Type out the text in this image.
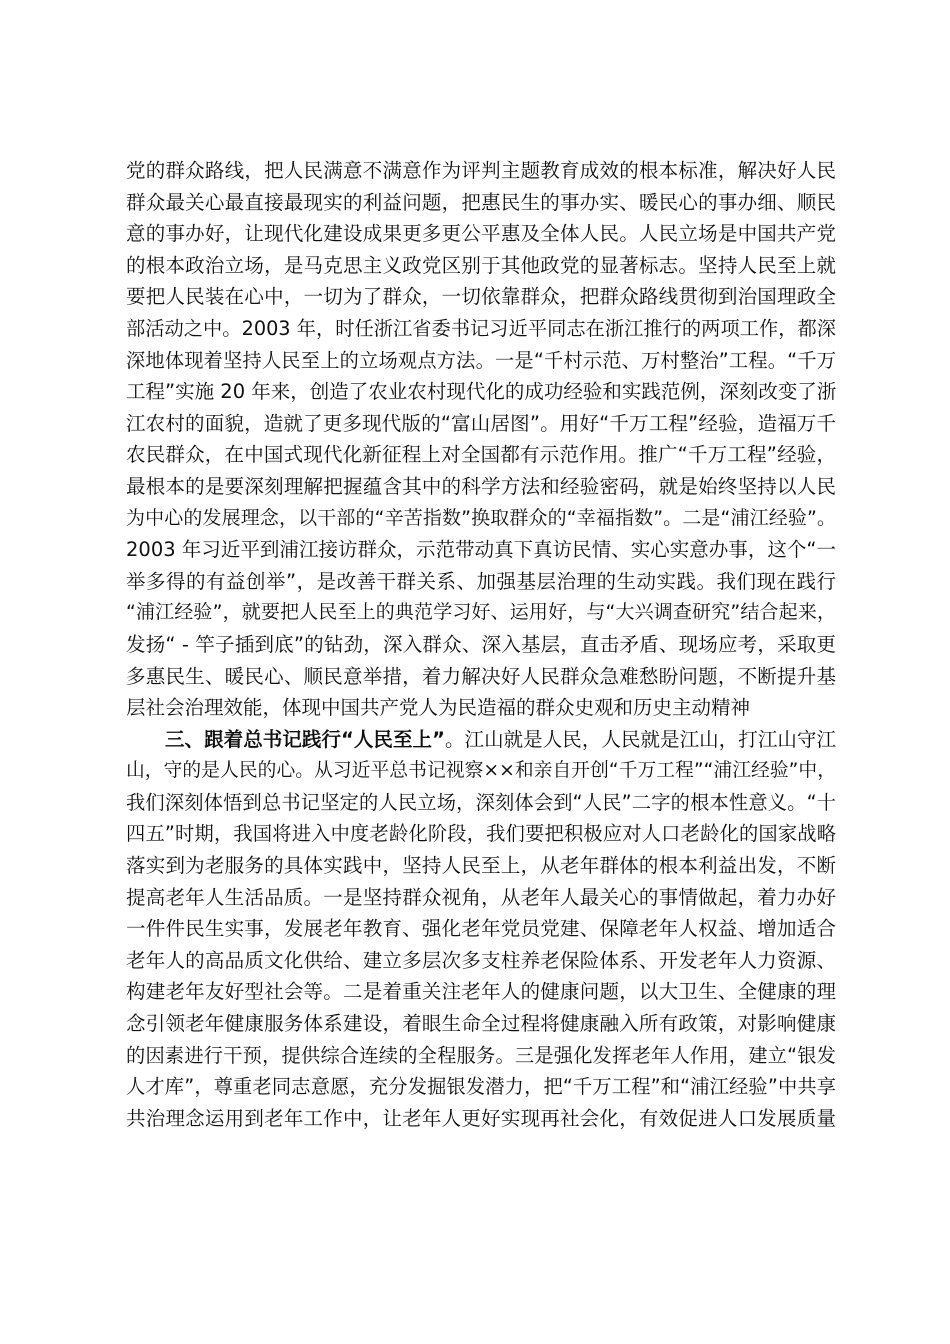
党的群众路线，把人民满意不满意作为评判主题教育成效的根本标准，解决好人民
群众最关心最直接最现实的利益问题，把惠民生的事办实、暖民心的事办细、顺民
意的事办好，让现代化建设成果更多更公平惠及全体人民。人民立场是中国共产党
的根本政治立场，是马克思主义政党区别于其他政党的显著标志。坚持人民至上就
要把人民装在心中，一切为了群众，一切依靠群众，把群众路线贯彻到治国理政全
部活动之中。2003 年，时任浙江省委书记习近平同志在浙江推行的两项工作，都深
深地体现着坚持人民至上的立场观点方法。一是“千村示范、万村整治”工程。“千万
工程”实施 20 年来，创造了农业农村现代化的成功经验和实践范例，深刻改变了浙
江农村的面貌，造就了更多现代版的“富山居图”。用好“千万工程”经验，造福万千
农民群众，在中国式现代化新征程上对全国都有示范作用。推广“千万工程”经验，
最根本的是要深刻理解把握蕴含其中的科学方法和经验密码，就是始终坚持以人民
为中心的发展理念，以干部的“辛苦指数”换取群众的“幸福指数”。二是“浦江经验”。
2003 年习近平到浦江接访群众，示范带动真下真访民情、实心实意办事，这个“一
举多得的有益创举”，是改善干群关系、加强基层治理的生动实践。我们现在践行
“浦江经验”，就要把人民至上的典范学习好、运用好，与“大兴调查研究”结合起来，
发扬“ - 竿子插到底”的钻劲，深入群众、深入基层，直击矛盾、现场应考，采取更
多惠民生、暖民心、顺民意举措，着力解决好人民群众急难愁盼问题，不断提升基
层社会治理效能，体现中国共产党人为民造福的群众史观和历史主动精神
三、跟着总书记践行“人民至上”。江山就是人民，人民就是江山，打江山守江
山，守的是人民的心。从习近平总书记视察××和亲自开创“千万工程”“浦江经验”中，
我们深刻体悟到总书记坚定的人民立场，深刻体会到“人民”二字的根本性意义。“十
四五”时期，我国将进入中度老龄化阶段，我们要把积极应对人口老龄化的国家战略
落实到为老服务的具体实践中，坚持人民至上，从老年群体的根本利益出发，不断
提高老年人生活品质。一是坚持群众视角，从老年人最关心的事情做起，着力办好
一件件民生实事，发展老年教育、强化老年党员党建、保障老年人权益、增加适合
老年人的高品质文化供给、建立多层次多支柱养老保险体系、开发老年人力资源、
构建老年友好型社会等。二是着重关注老年人的健康问题，以大卫生、全健康的理
念引领老年健康服务体系建设，着眼生命全过程将健康融入所有政策，对影响健康
的因素进行干预，提供综合连续的全程服务。三是强化发挥老年人作用，建立“银发
人才库”，尊重老同志意愿，充分发掘银发潜力，把“千万工程”和“浦江经验”中共享
共治理念运用到老年工作中，让老年人更好实现再社会化，有效促进人口发展质量
